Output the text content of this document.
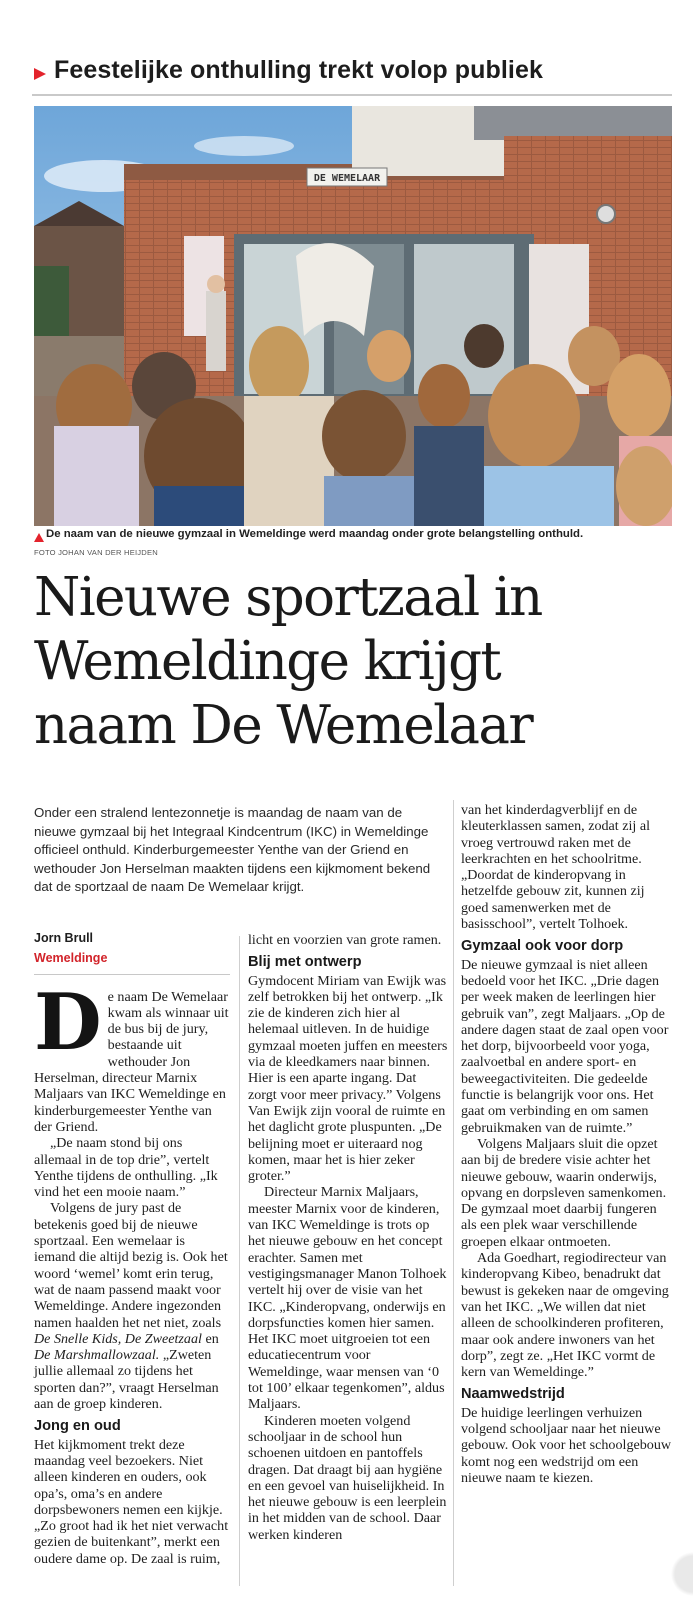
Feestelijke onthulling trekt volop publiek
DE WEMELAAR
De naam van de nieuwe gymzaal in Wemeldinge werd maandag onder grote belangstelling onthuld.
FOTO JOHAN VAN DER HEIJDEN
Nieuwe sportzaal in
Wemeldinge krijgt
naam De Wemelaar
Onder een stralend lentezonnetje is maandag de naam van de nieuwe gymzaal bij het Integraal Kindcentrum (IKC) in Wemeldinge officieel onthuld. Kinderburgemeester Yenthe van der Griend en wethouder Jon Herselman maakten tijdens een kijkmoment bekend dat de sportzaal de naam De Wemelaar krijgt.
Jorn Brull
Wemeldinge
D e naam De Wemelaar kwam als winnaar uit de bus bij de jury, bestaande uit wethouder Jon Herselman, directeur Marnix Maljaars van IKC Wemeldinge en kinderburgemeester Yenthe van der Griend.

„De naam stond bij ons allemaal in de top drie”, vertelt Yenthe tijdens de onthulling. „Ik vind het een mooie naam.”

Volgens de jury past de betekenis goed bij de nieuwe sportzaal. Een wemelaar is iemand die altijd bezig is. Ook het woord ‘wemel’ komt erin terug, wat de naam passend maakt voor Wemeldinge. Andere ingezonden namen haalden het net niet, zoals De Snelle Kids, De Zweetzaal en De Marshmallowzaal. „Zweten jullie allemaal zo tijdens het sporten dan?”, vraagt Herselman aan de groep kinderen.

Jong en oud

Het kijkmoment trekt deze maandag veel bezoekers. Niet alleen kinderen en ouders, ook opa’s, oma’s en andere dorpsbewoners nemen een kijkje. „Zo groot had ik het niet verwacht gezien de buitenkant”, merkt een oudere dame op. De zaal is ruim,

licht en voorzien van grote ramen.

Blij met ontwerp

Gymdocent Miriam van Ewijk was zelf betrokken bij het ontwerp. „Ik zie de kinderen zich hier al helemaal uitleven. In de huidige gymzaal moeten juffen en meesters via de kleedkamers naar binnen. Hier is een aparte ingang. Dat zorgt voor meer privacy.” Volgens Van Ewijk zijn vooral de ruimte en het daglicht grote pluspunten. „De belijning moet er uiteraard nog komen, maar het is hier zeker groter.”

Directeur Marnix Maljaars, meester Marnix voor de kinderen, van IKC Wemeldinge is trots op het nieuwe gebouw en het concept erachter. Samen met vestigingsmanager Manon Tolhoek vertelt hij over de visie van het IKC. „Kinderopvang, onderwijs en dorpsfuncties komen hier samen. Het IKC moet uitgroeien tot een educatiecentrum voor Wemeldinge, waar mensen van ‘0 tot 100’ elkaar tegenkomen”, aldus Maljaars.

Kinderen moeten volgend schooljaar in de school hun schoenen uitdoen en pantoffels dragen. Dat draagt bij aan hygiëne en een gevoel van huiselijkheid. In het nieuwe gebouw is een leerplein in het midden van de school. Daar werken kinderen

van het kinderdagverblijf en de kleuterklassen samen, zodat zij al vroeg vertrouwd raken met de leerkrachten en het schoolritme. „Doordat de kinderopvang in hetzelfde gebouw zit, kunnen zij goed samenwerken met de basisschool”, vertelt Tolhoek.

Gymzaal ook voor dorp

De nieuwe gymzaal is niet alleen bedoeld voor het IKC. „Drie dagen per week maken de leerlingen hier gebruik van”, zegt Maljaars. „Op de andere dagen staat de zaal open voor het dorp, bijvoorbeeld voor yoga, zaalvoetbal en andere sport- en beweegactiviteiten. Die gedeelde functie is belangrijk voor ons. Het gaat om verbinding en om samen gebruikmaken van de ruimte.”

Volgens Maljaars sluit die opzet aan bij de bredere visie achter het nieuwe gebouw, waarin onderwijs, opvang en dorpsleven samenkomen. De gymzaal moet daarbij fungeren als een plek waar verschillende groepen elkaar ontmoeten.

Ada Goedhart, regiodirecteur van kinderopvang Kibeo, benadrukt dat bewust is gekeken naar de omgeving van het IKC. „We willen dat niet alleen de schoolkinderen profiteren, maar ook andere inwoners van het dorp”, zegt ze. „Het IKC vormt de kern van Wemeldinge.”

Naamwedstrijd

De huidige leerlingen verhuizen volgend schooljaar naar het nieuwe gebouw. Ook voor het schoolgebouw komt nog een wedstrijd om een nieuwe naam te kiezen.
